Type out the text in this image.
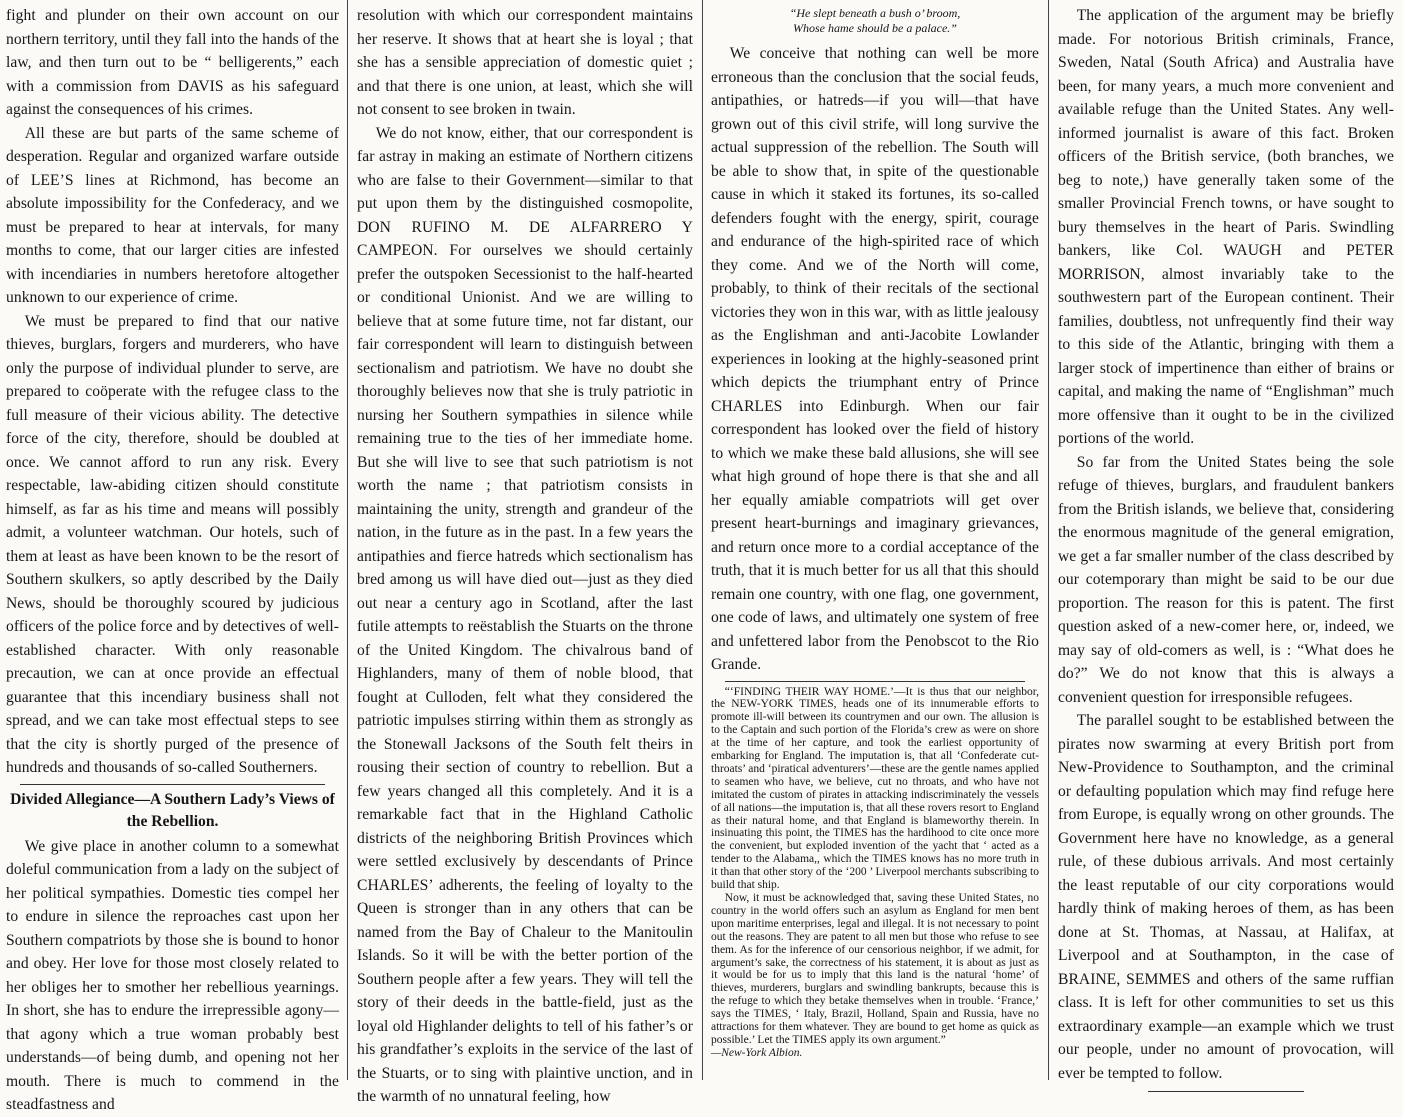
fight and plunder on their own account on our northern territory, until they fall into the hands of the law, and then turn out to be “ belligerents,” each with a commission from DAVIS as his safeguard against the consequences of his crimes.

All these are but parts of the same scheme of desperation. Regular and organized warfare outside of LEE’S lines at Richmond, has become an absolute impossibility for the Confederacy, and we must be prepared to hear at intervals, for many months to come, that our larger cities are infested with incendiaries in numbers heretofore altogether unknown to our experience of crime.

We must be prepared to find that our native thieves, burglars, forgers and murderers, who have only the purpose of individual plunder to serve, are prepared to coöperate with the refugee class to the full measure of their vicious ability. The detective force of the city, therefore, should be doubled at once. We cannot afford to run any risk. Every respectable, law-abiding citizen should constitute himself, as far as his time and means will possibly admit, a volunteer watchman. Our hotels, such of them at least as have been known to be the resort of Southern skulkers, so aptly described by the Daily News, should be thoroughly scoured by judicious officers of the police force and by detectives of well-established character. With only reasonable precaution, we can at once provide an effectual guarantee that this incendiary business shall not spread, and we can take most effectual steps to see that the city is shortly purged of the presence of hundreds and thousands of so-called Southerners.

Divided Allegiance—A Southern Lady’s Views of the Rebellion.

We give place in another column to a somewhat doleful communication from a lady on the subject of her political sympathies. Domestic ties compel her to endure in silence the reproaches cast upon her Southern compatriots by those she is bound to honor and obey. Her love for those most closely related to her obliges her to smother her rebellious yearnings. In short, she has to endure the irrepressible agony—that agony which a true woman probably best understands—of being dumb, and opening not her mouth. There is much to commend in the steadfastness and

resolution with which our correspondent maintains her reserve. It shows that at heart she is loyal ; that she has a sensible appreciation of domestic quiet ; and that there is one union, at least, which she will not consent to see broken in twain.

We do not know, either, that our correspondent is far astray in making an estimate of Northern citizens who are false to their Government—similar to that put upon them by the distinguished cosmopolite, DON RUFINO M. DE ALFARRERO Y CAMPEON. For ourselves we should certainly prefer the outspoken Secessionist to the half-hearted or conditional Unionist. And we are willing to believe that at some future time, not far distant, our fair correspondent will learn to distinguish between sectionalism and patriotism. We have no doubt she thoroughly believes now that she is truly patriotic in nursing her Southern sympathies in silence while remaining true to the ties of her immediate home. But she will live to see that such patriotism is not worth the name ; that patriotism consists in maintaining the unity, strength and grandeur of the nation, in the future as in the past. In a few years the antipathies and fierce hatreds which sectionalism has bred among us will have died out—just as they died out near a century ago in Scotland, after the last futile attempts to reëstablish the Stuarts on the throne of the United Kingdom. The chivalrous band of Highlanders, many of them of noble blood, that fought at Culloden, felt what they considered the patriotic impulses stirring within them as strongly as the Stonewall Jacksons of the South felt theirs in rousing their section of country to rebellion. But a few years changed all this completely. And it is a remarkable fact that in the Highland Catholic districts of the neighboring British Provinces which were settled exclusively by descendants of Prince CHARLES’ adherents, the feeling of loyalty to the Queen is stronger than in any others that can be named from the Bay of Chaleur to the Manitoulin Islands. So it will be with the better portion of the Southern people after a few years. They will tell the story of their deeds in the battle-field, just as the loyal old Highlander delights to tell of his father’s or his grandfather’s exploits in the service of the last of the Stuarts, or to sing with plaintive unction, and in the warmth of no unnatural feeling, how

“He slept beneath a bush o’ broom,
Whose hame should be a palace.”

We conceive that nothing can well be more erroneous than the conclusion that the social feuds, antipathies, or hatreds—if you will—that have grown out of this civil strife, will long survive the actual suppression of the rebellion. The South will be able to show that, in spite of the questionable cause in which it staked its fortunes, its so-called defenders fought with the energy, spirit, courage and endurance of the high-spirited race of which they come. And we of the North will come, probably, to think of their recitals of the sectional victories they won in this war, with as little jealousy as the Englishman and anti-Jacobite Lowlander experiences in looking at the highly-seasoned print which depicts the triumphant entry of Prince CHARLES into Edinburgh. When our fair correspondent has looked over the field of history to which we make these bald allusions, she will see what high ground of hope there is that she and all her equally amiable compatriots will get over present heart-burnings and imaginary grievances, and return once more to a cordial acceptance of the truth, that it is much better for us all that this should remain one country, with one flag, one government, one code of laws, and ultimately one system of free and unfettered labor from the Penobscot to the Rio Grande.

“‘FINDING THEIR WAY HOME.’—It is thus that our neighbor, the NEW-YORK TIMES, heads one of its innumerable efforts to promote ill-will between its countrymen and our own. The allusion is to the Captain and such portion of the Florida’s crew as were on shore at the time of her capture, and took the earliest opportunity of embarking for England. The imputation is, that all ‘Confederate cut-throats’ and ‘piratical adventurers’—these are the gentle names applied to seamen who have, we believe, cut no throats, and who have not imitated the custom of pirates in attacking indiscriminately the vessels of all nations—the imputation is, that all these rovers resort to England as their natural home, and that England is blameworthy therein. In insinuating this point, the TIMES has the hardihood to cite once more the convenient, but exploded invention of the yacht that ‘ acted as a tender to the Alabama,, which the TIMES knows has no more truth in it than that other story of the ‘200 ’ Liverpool merchants subscribing to build that ship.

Now, it must be acknowledged that, saving these United States, no country in the world offers such an asylum as England for men bent upon maritime enterprises, legal and illegal. It is not necessary to point out the reasons. They are patent to all men but those who refuse to see them. As for the inference of our censorious neighbor, if we admit, for argument’s sake, the correctness of his statement, it is about as just as it would be for us to imply that this land is the natural ‘home’ of thieves, murderers, burglars and swindling bankrupts, because this is the refuge to which they betake themselves when in trouble. ‘France,’ says the TIMES, ‘ Italy, Brazil, Holland, Spain and Russia, have no attractions for them whatever. They are bound to get home as quick as possible.’ Let the TIMES apply its own argument.”

—New-York Albion.

The application of the argument may be briefly made. For notorious British criminals, France, Sweden, Natal (South Africa) and Australia have been, for many years, a much more convenient and available refuge than the United States. Any well-informed journalist is aware of this fact. Broken officers of the British service, (both branches, we beg to note,) have generally taken some of the smaller Provincial French towns, or have sought to bury themselves in the heart of Paris. Swindling bankers, like Col. WAUGH and PETER MORRISON, almost invariably take to the southwestern part of the European continent. Their families, doubtless, not unfrequently find their way to this side of the Atlantic, bringing with them a larger stock of impertinence than either of brains or capital, and making the name of “Englishman” much more offensive than it ought to be in the civilized portions of the world.

So far from the United States being the sole refuge of thieves, burglars, and fraudulent bankers from the British islands, we believe that, considering the enormous magnitude of the general emigration, we get a far smaller number of the class described by our cotemporary than might be said to be our due proportion. The reason for this is patent. The first question asked of a new-comer here, or, indeed, we may say of old-comers as well, is : “What does he do?” We do not know that this is always a convenient question for irresponsible refugees.

The parallel sought to be established between the pirates now swarming at every British port from New-Providence to Southampton, and the criminal or defaulting population which may find refuge here from Europe, is equally wrong on other grounds. The Government here have no knowledge, as a general rule, of these dubious arrivals. And most certainly the least reputable of our city corporations would hardly think of making heroes of them, as has been done at St. Thomas, at Nassau, at Halifax, at Liverpool and at Southampton, in the case of BRAINE, SEMMES and others of the same ruffian class. It is left for other communities to set us this extraordinary example—an example which we trust our people, under no amount of provocation, will ever be tempted to follow.
